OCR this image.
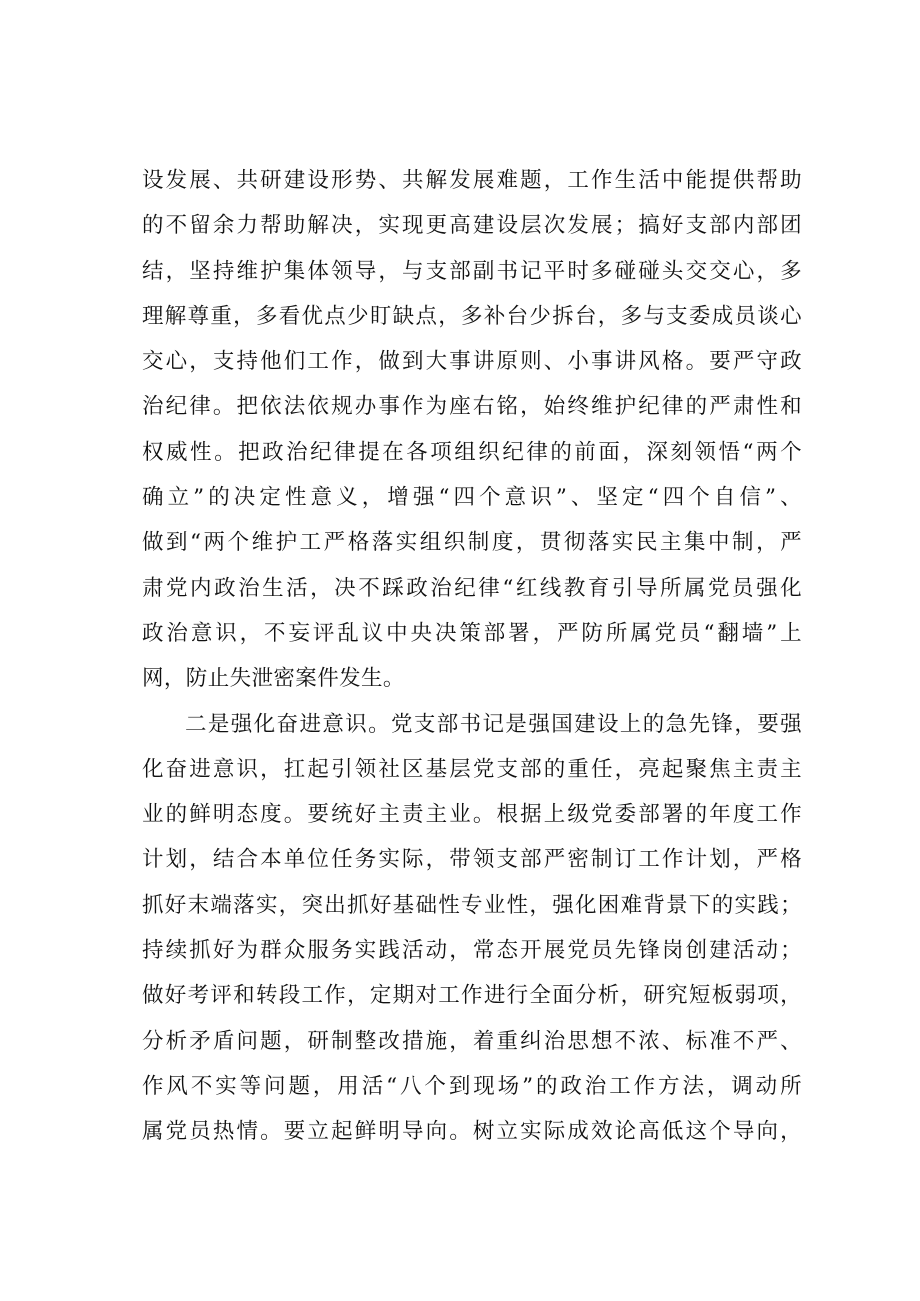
设发展、共研建设形势、共解发展难题，工作生活中能提供帮助
的不留余力帮助解决，实现更高建设层次发展；搞好支部内部团
结，坚持维护集体领导，与支部副书记平时多碰碰头交交心，多
理解尊重，多看优点少盯缺点，多补台少拆台，多与支委成员谈心
交心，支持他们工作，做到大事讲原则、小事讲风格。要严守政
治纪律。把依法依规办事作为座右铭，始终维护纪律的严肃性和
权威性。把政治纪律提在各项组织纪律的前面，深刻领悟“两个
确立”的决定性意义，增强“四个意识”、坚定“四个自信”、
做到“两个维护工严格落实组织制度，贯彻落实民主集中制，严
肃党内政治生活，决不踩政治纪律“红线教育引导所属党员强化
政治意识，不妄评乱议中央决策部署，严防所属党员“翻墙”上
网，防止失泄密案件发生。
二是强化奋进意识。党支部书记是强国建设上的急先锋，要强
化奋进意识，扛起引领社区基层党支部的重任，亮起聚焦主责主
业的鲜明态度。要统好主责主业。根据上级党委部署的年度工作
计划，结合本单位任务实际，带领支部严密制订工作计划，严格
抓好末端落实，突出抓好基础性专业性，强化困难背景下的实践；
持续抓好为群众服务实践活动，常态开展党员先锋岗创建活动；
做好考评和转段工作，定期对工作进行全面分析，研究短板弱项，
分析矛盾问题，研制整改措施，着重纠治思想不浓、标准不严、
作风不实等问题，用活“八个到现场”的政治工作方法，调动所
属党员热情。要立起鲜明导向。树立实际成效论高低这个导向，
